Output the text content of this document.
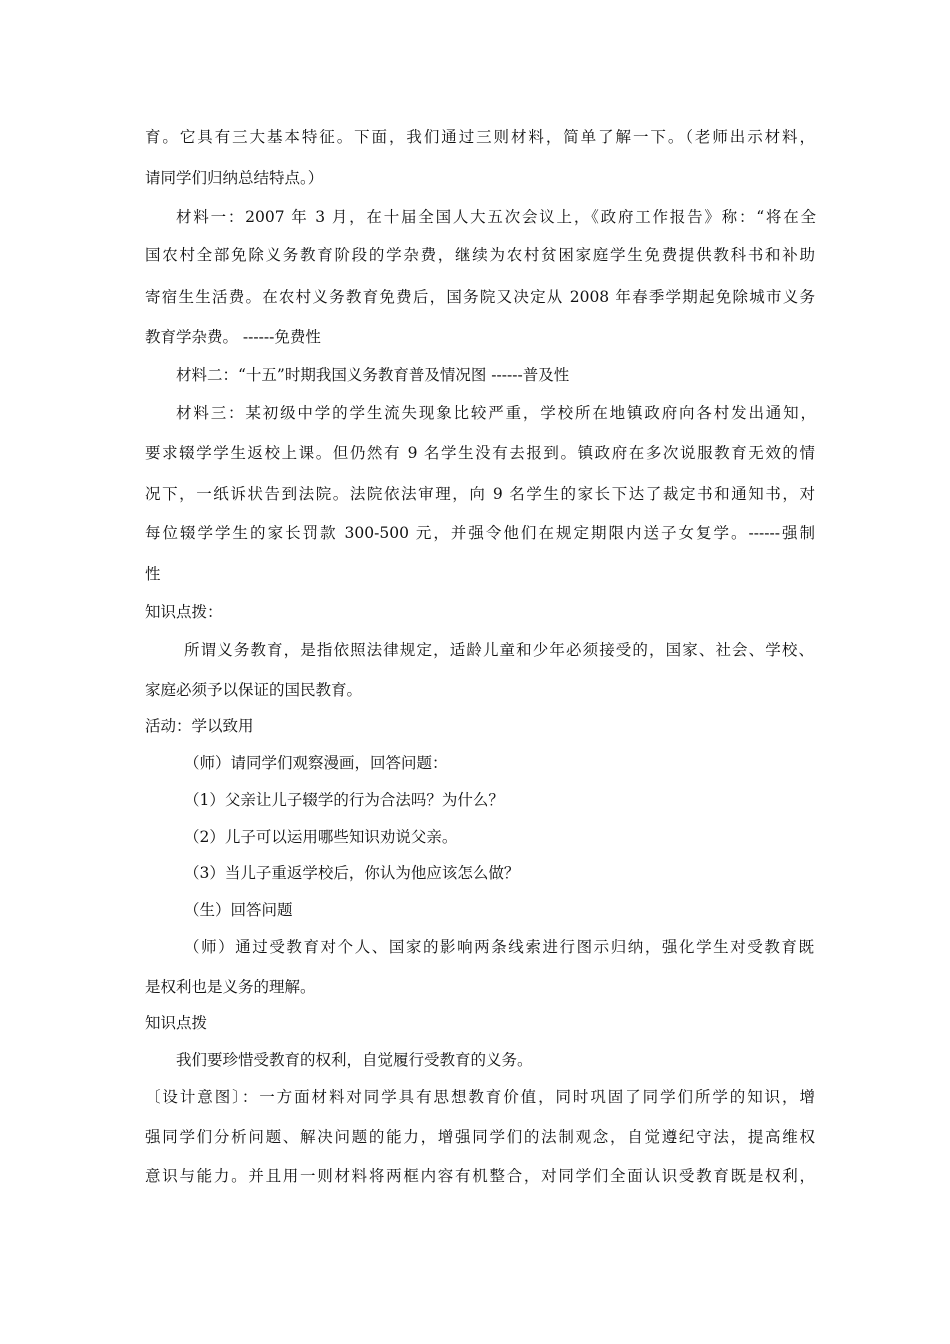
育。它具有三大基本特征。下面，我们通过三则材料，简单了解一下。（老师出示材料，
请同学们归纳总结特点。）
材料一：2007 年 3 月，在十届全国人大五次会议上，《政府工作报告》称：“将在全
国农村全部免除义务教育阶段的学杂费，继续为农村贫困家庭学生免费提供教科书和补助
寄宿生生活费。在农村义务教育免费后，国务院又决定从 2008 年春季学期起免除城市义务
教育学杂费。 ------免费性
材料二：“十五”时期我国义务教育普及情况图 ------普及性
材料三：某初级中学的学生流失现象比较严重，学校所在地镇政府向各村发出通知，
要求辍学学生返校上课。但仍然有 9 名学生没有去报到。镇政府在多次说服教育无效的情
况下，一纸诉状告到法院。法院依法审理，向 9 名学生的家长下达了裁定书和通知书，对
每位辍学学生的家长罚款 300-500 元，并强令他们在规定期限内送子女复学。------强制
性
知识点拨：
所谓义务教育，是指依照法律规定，适龄儿童和少年必须接受的，国家、社会、学校、
家庭必须予以保证的国民教育。
活动：学以致用
（师）请同学们观察漫画，回答问题：
（1）父亲让儿子辍学的行为合法吗？为什么？
（2）儿子可以运用哪些知识劝说父亲。
（3）当儿子重返学校后，你认为他应该怎么做？
（生）回答问题
（师）通过受教育对个人、国家的影响两条线索进行图示归纳，强化学生对受教育既
是权利也是义务的理解。
知识点拨
我们要珍惜受教育的权利，自觉履行受教育的义务。
〔设计意图〕：一方面材料对同学具有思想教育价值，同时巩固了同学们所学的知识，增
强同学们分析问题、解决问题的能力，增强同学们的法制观念，自觉遵纪守法，提高维权
意识与能力。并且用一则材料将两框内容有机整合，对同学们全面认识受教育既是权利，
